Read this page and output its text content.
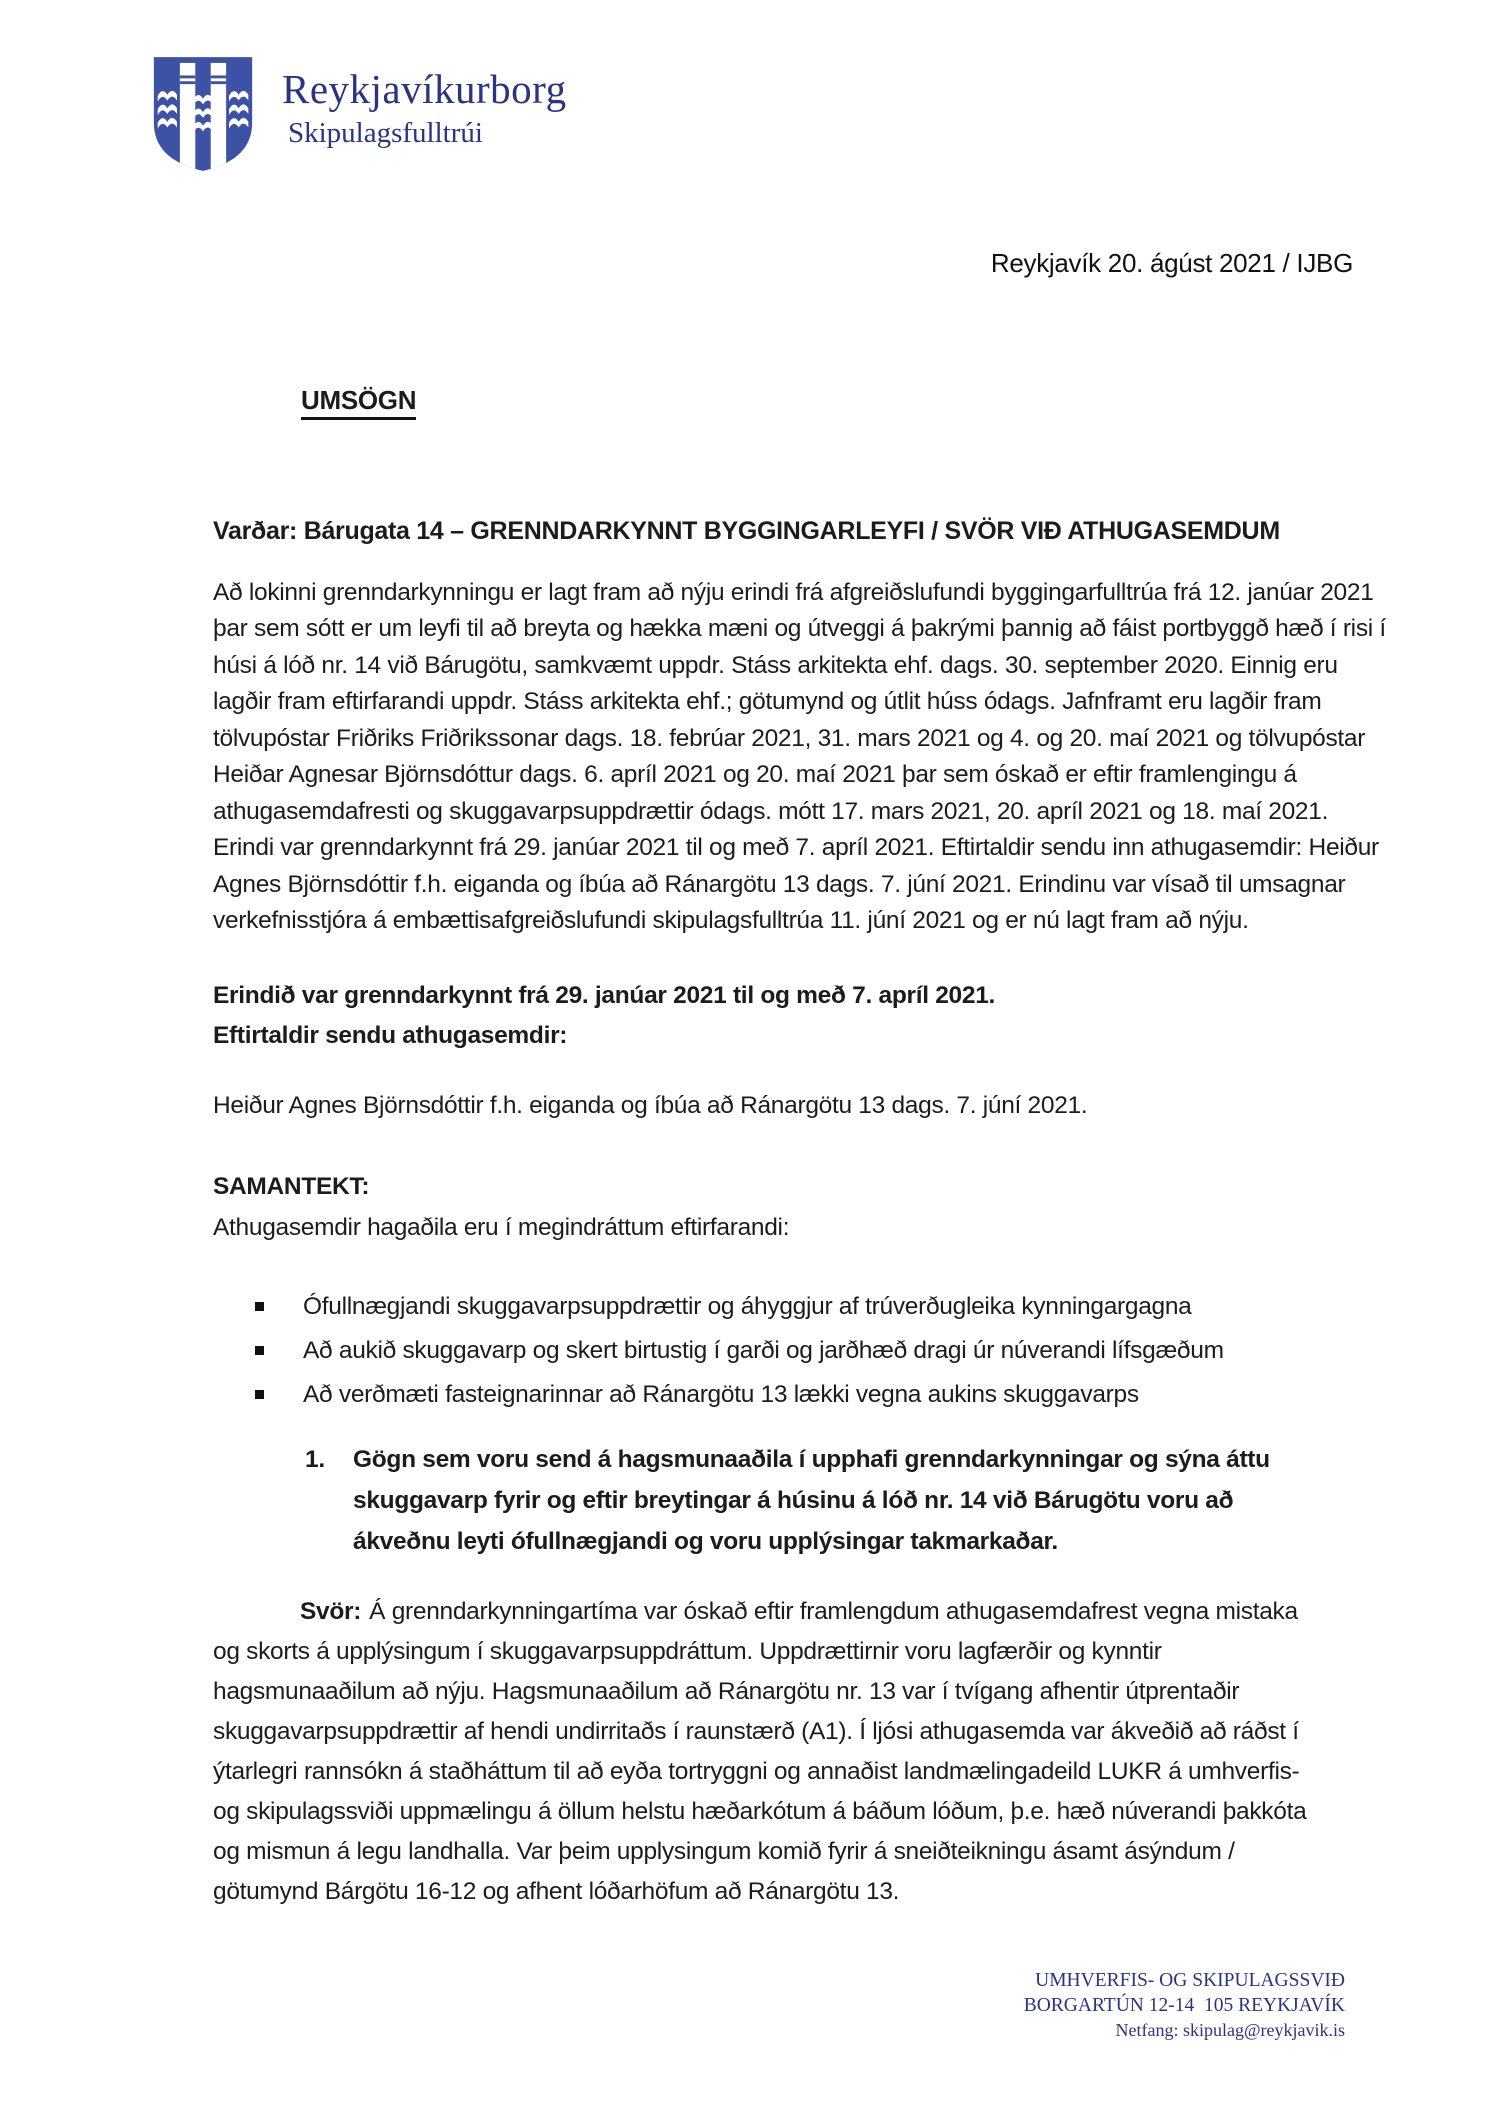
Reykjavíkurborg
Skipulagsfulltrúi
Reykjavík 20. ágúst 2021 / IJBG
UMSÖGN
Varðar: Bárugata 14 – GRENNDARKYNNT BYGGINGARLEYFI / SVÖR VIÐ ATHUGASEMDUM
Að lokinni grenndarkynningu er lagt fram að nýju erindi frá afgreiðslufundi byggingarfulltrúa frá 12. janúar 2021 þar sem sótt er um leyfi til að breyta og hækka mæni og útveggi á þakrými þannig að fáist portbyggð hæð í risi í húsi á lóð nr. 14 við Bárugötu, samkvæmt uppdr. Stáss arkitekta ehf. dags. 30. september 2020. Einnig eru lagðir fram eftirfarandi uppdr. Stáss arkitekta ehf.; götumynd og útlit húss ódags. Jafnframt eru lagðir fram tölvupóstar Friðriks Friðrikssonar dags. 18. febrúar 2021, 31. mars 2021 og 4. og 20. maí 2021 og tölvupóstar Heiðar Agnesar Björnsdóttur dags. 6. apríl 2021 og 20. maí 2021 þar sem óskað er eftir framlengingu á athugasemdafresti og skuggavarpsuppdrættir ódags. mótt 17. mars 2021, 20. apríl 2021 og 18. maí 2021. Erindi var grenndarkynnt frá 29. janúar 2021 til og með 7. apríl 2021. Eftirtaldir sendu inn athugasemdir: Heiður Agnes Björnsdóttir f.h. eiganda og íbúa að Ránargötu 13 dags. 7. júní 2021. Erindinu var vísað til umsagnar verkefnisstjóra á embættisafgreiðslufundi skipulagsfulltrúa 11. júní 2021 og er nú lagt fram að nýju.
Erindið var grenndarkynnt frá 29. janúar 2021 til og með 7. apríl 2021.
Eftirtaldir sendu athugasemdir:
Heiður Agnes Björnsdóttir f.h. eiganda og íbúa að Ránargötu 13 dags. 7. júní 2021.
SAMANTEKT:
Athugasemdir hagaðila eru í megindráttum eftirfarandi:
Ófullnægjandi skuggavarpsuppdrættir og áhyggjur af trúverðugleika kynningargagna
Að aukið skuggavarp og skert birtustig í garði og jarðhæð dragi úr núverandi lífsgæðum
Að verðmæti fasteignarinnar að Ránargötu 13 lækki vegna aukins skuggavarps
1.	Gögn sem voru send á hagsmunaaðila í upphafi grenndarkynningar og sýna áttu skuggavarp fyrir og eftir breytingar á húsinu á lóð nr. 14 við Bárugötu voru að ákveðnu leyti ófullnægjandi og voru upplýsingar takmarkaðar.
Svör: Á grenndarkynningartíma var óskað eftir framlengdum athugasemdafrest vegna mistaka og skorts á upplýsingum í skuggavarpsuppdráttum. Uppdrættirnir voru lagfærðir og kynntir hagsmunaaðilum að nýju. Hagsmunaaðilum að Ránargötu nr. 13 var í tvígang afhentir útprentaðir skuggavarpsuppdrættir af hendi undirritaðs í raunstærð (A1). Í ljósi athugasemda var ákveðið að ráðst í ýtarlegri rannsókn á staðháttum til að eyða tortryggni og annaðist landmælingadeild LUKR á umhverfis- og skipulagssviði uppmælingu á öllum helstu hæðarkótum á báðum lóðum, þ.e. hæð núverandi þakkóta og mismun á legu landhalla. Var þeim upplysingum komið fyrir á sneiðteikningu ásamt ásýndum / götumynd Bárgötu 16-12 og afhent lóðarhöfum að Ránargötu 13.
UMHVERFIS- OG SKIPULAGSSVIÐ
BORGARTÚN 12-14  105 REYKJAVÍK
Netfang: skipulag@reykjavik.is
